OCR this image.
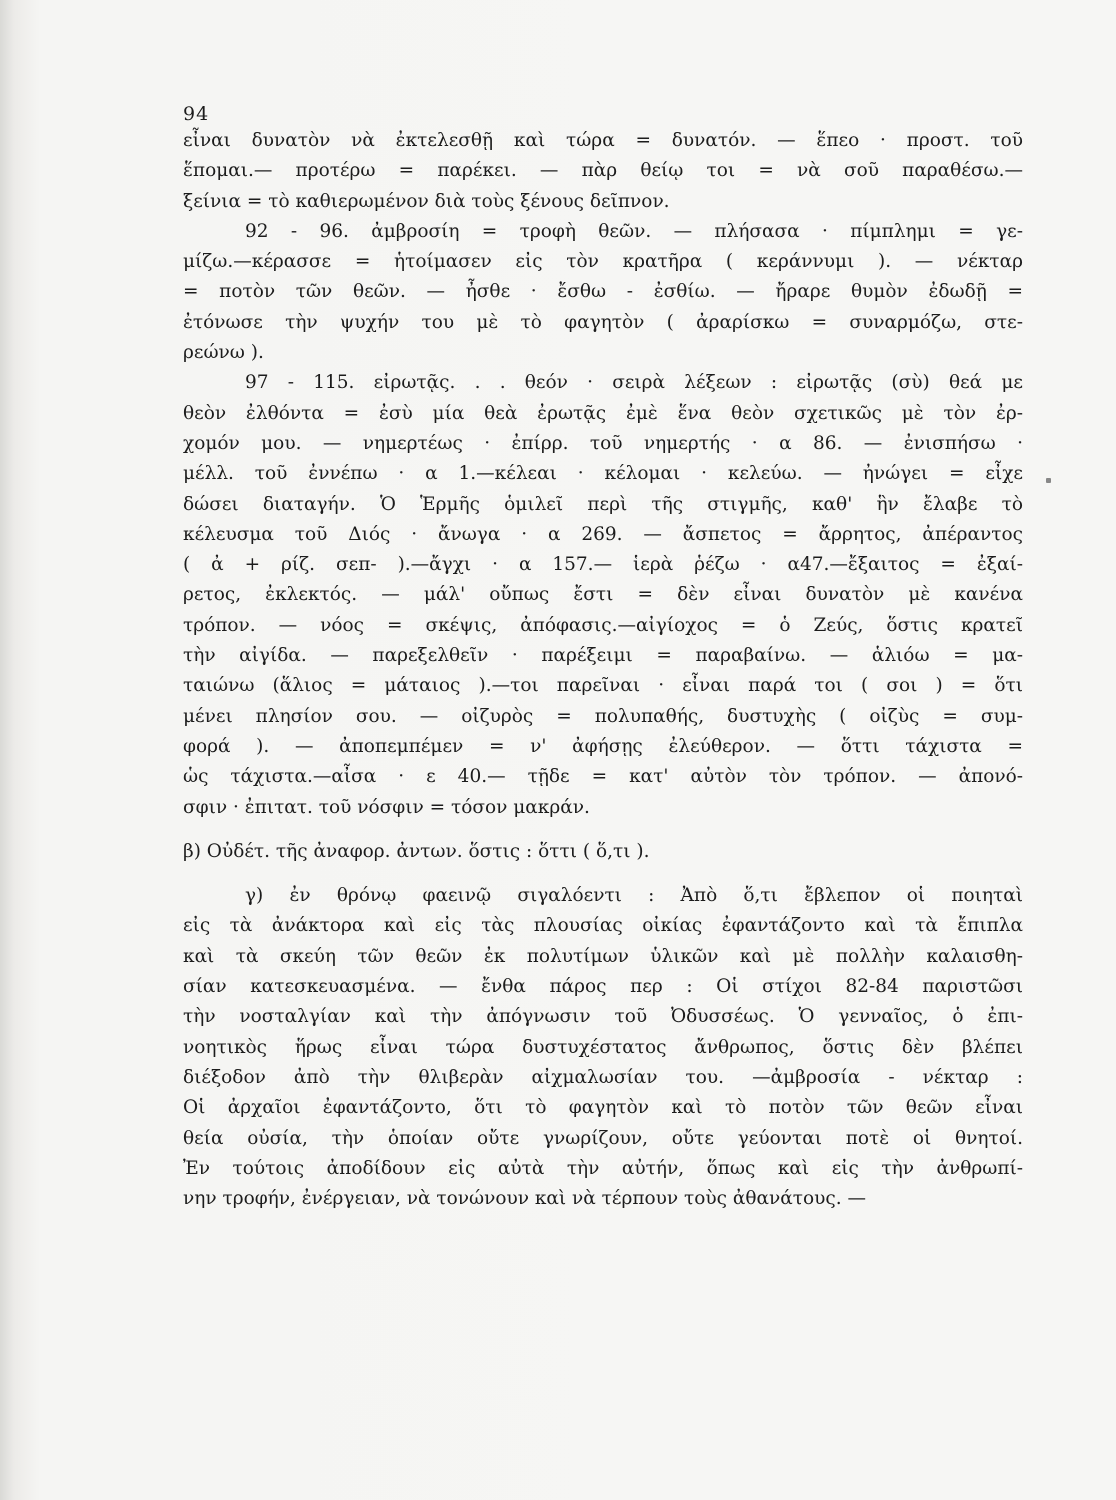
94
εἶναι δυνατὸν νὰ ἐκτελεσθῇ καὶ τώρα = δυνατόν. — ἕπεο · προστ. τοῦ
ἕπομαι.— προτέρω = παρέκει. — πὰρ θείῳ τοι = νὰ σοῦ παραθέσω.—
ξείνια = τὸ καθιερωμένον διὰ τοὺς ξένους δεῖπνον.
92 - 96. ἀμβροσίη = τροφὴ θεῶν. — πλήσασα · πίμπλημι = γε-
μίζω.—κέρασσε = ἡτοίμασεν εἰς τὸν κρατῆρα ( κεράννυμι ). — νέκταρ
= ποτὸν τῶν θεῶν. — ἦσθε · ἔσθω - ἐσθίω. — ἤραρε θυμὸν ἐδωδῇ =
ἐτόνωσε τὴν ψυχήν του μὲ τὸ φαγητὸν ( ἀραρίσκω = συναρμόζω, στε-
ρεώνω ).
97 - 115. εἰρωτᾷς. . . θεόν · σειρὰ λέξεων : εἰρωτᾷς (σὺ) θεά με
θεὸν ἐλθόντα = ἐσὺ μία θεὰ ἐρωτᾷς ἐμὲ ἕνα θεὸν σχετικῶς μὲ τὸν ἐρ-
χομόν μου. — νημερτέως · ἐπίρρ. τοῦ νημερτής · α 86. — ἐνισπήσω ·
μέλλ. τοῦ ἐννέπω · α 1.—κέλεαι · κέλομαι · κελεύω. — ἠνώγει = εἶχε
δώσει διαταγήν. Ὁ Ἑρμῆς ὁμιλεῖ περὶ τῆς στιγμῆς, καθ' ἣν ἔλαβε τὸ
κέλευσμα τοῦ Διός · ἄνωγα · α 269. — ἄσπετος = ἄρρητος, ἀπέραντος
( ἀ + ρίζ. σεπ- ).—ἄγχι · α 157.— ἱερὰ ῥέζω · α47.—ἔξαιτος = ἐξαί-
ρετος, ἐκλεκτός. — μάλ' οὔπως ἔστι = δὲν εἶναι δυνατὸν μὲ κανένα
τρόπον. — νόος = σκέψις, ἀπόφασις.—αἰγίοχος = ὁ Ζεύς, ὅστις κρατεῖ
τὴν αἰγίδα. — παρεξελθεῖν · παρέξειμι = παραβαίνω. — ἁλιόω = μα-
ταιώνω (ἅλιος = μάταιος ).—τοι παρεῖναι · εἶναι παρά τοι ( σοι ) = ὅτι
μένει πλησίον σου. — οἰζυρὸς = πολυπαθής, δυστυχὴς ( οἰζὺς = συμ-
φορά ). — ἀποπεμπέμεν = ν' ἀφήσῃς ἐλεύθερον. — ὅττι τάχιστα =
ὡς τάχιστα.—αἶσα · ε 40.— τῇδε = κατ' αὐτὸν τὸν τρόπον. — ἀπονό-
σφιν · ἐπιτατ. τοῦ νόσφιν = τόσον μακράν.
β) Οὐδέτ. τῆς ἀναφορ. ἀντων. ὅστις : ὅττι ( ὅ,τι ).
γ) ἐν θρόνῳ φαεινῷ σιγαλόεντι : Ἀπὸ ὅ,τι ἔβλεπον οἱ ποιηταὶ
εἰς τὰ ἀνάκτορα καὶ εἰς τὰς πλουσίας οἰκίας ἐφαντάζοντο καὶ τὰ ἔπιπλα
καὶ τὰ σκεύη τῶν θεῶν ἐκ πολυτίμων ὑλικῶν καὶ μὲ πολλὴν καλαισθη-
σίαν κατεσκευασμένα. — ἔνθα πάρος περ : Οἱ στίχοι 82-84 παριστῶσι
τὴν νοσταλγίαν καὶ τὴν ἀπόγνωσιν τοῦ Ὀδυσσέως. Ὁ γενναῖος, ὁ ἐπι-
νοητικὸς ἥρως εἶναι τώρα δυστυχέστατος ἄνθρωπος, ὅστις δὲν βλέπει
διέξοδον ἀπὸ τὴν θλιβερὰν αἰχμαλωσίαν του. —ἀμβροσία - νέκταρ :
Οἱ ἀρχαῖοι ἐφαντάζοντο, ὅτι τὸ φαγητὸν καὶ τὸ ποτὸν τῶν θεῶν εἶναι
θεία οὐσία, τὴν ὁποίαν οὔτε γνωρίζουν, οὔτε γεύονται ποτὲ οἱ θνητοί.
Ἐν τούτοις ἀποδίδουν εἰς αὐτὰ τὴν αὐτήν, ὅπως καὶ εἰς τὴν ἀνθρωπί-
νην τροφήν, ἐνέργειαν, νὰ τονώνουν καὶ νὰ τέρπουν τοὺς ἀθανάτους. —
